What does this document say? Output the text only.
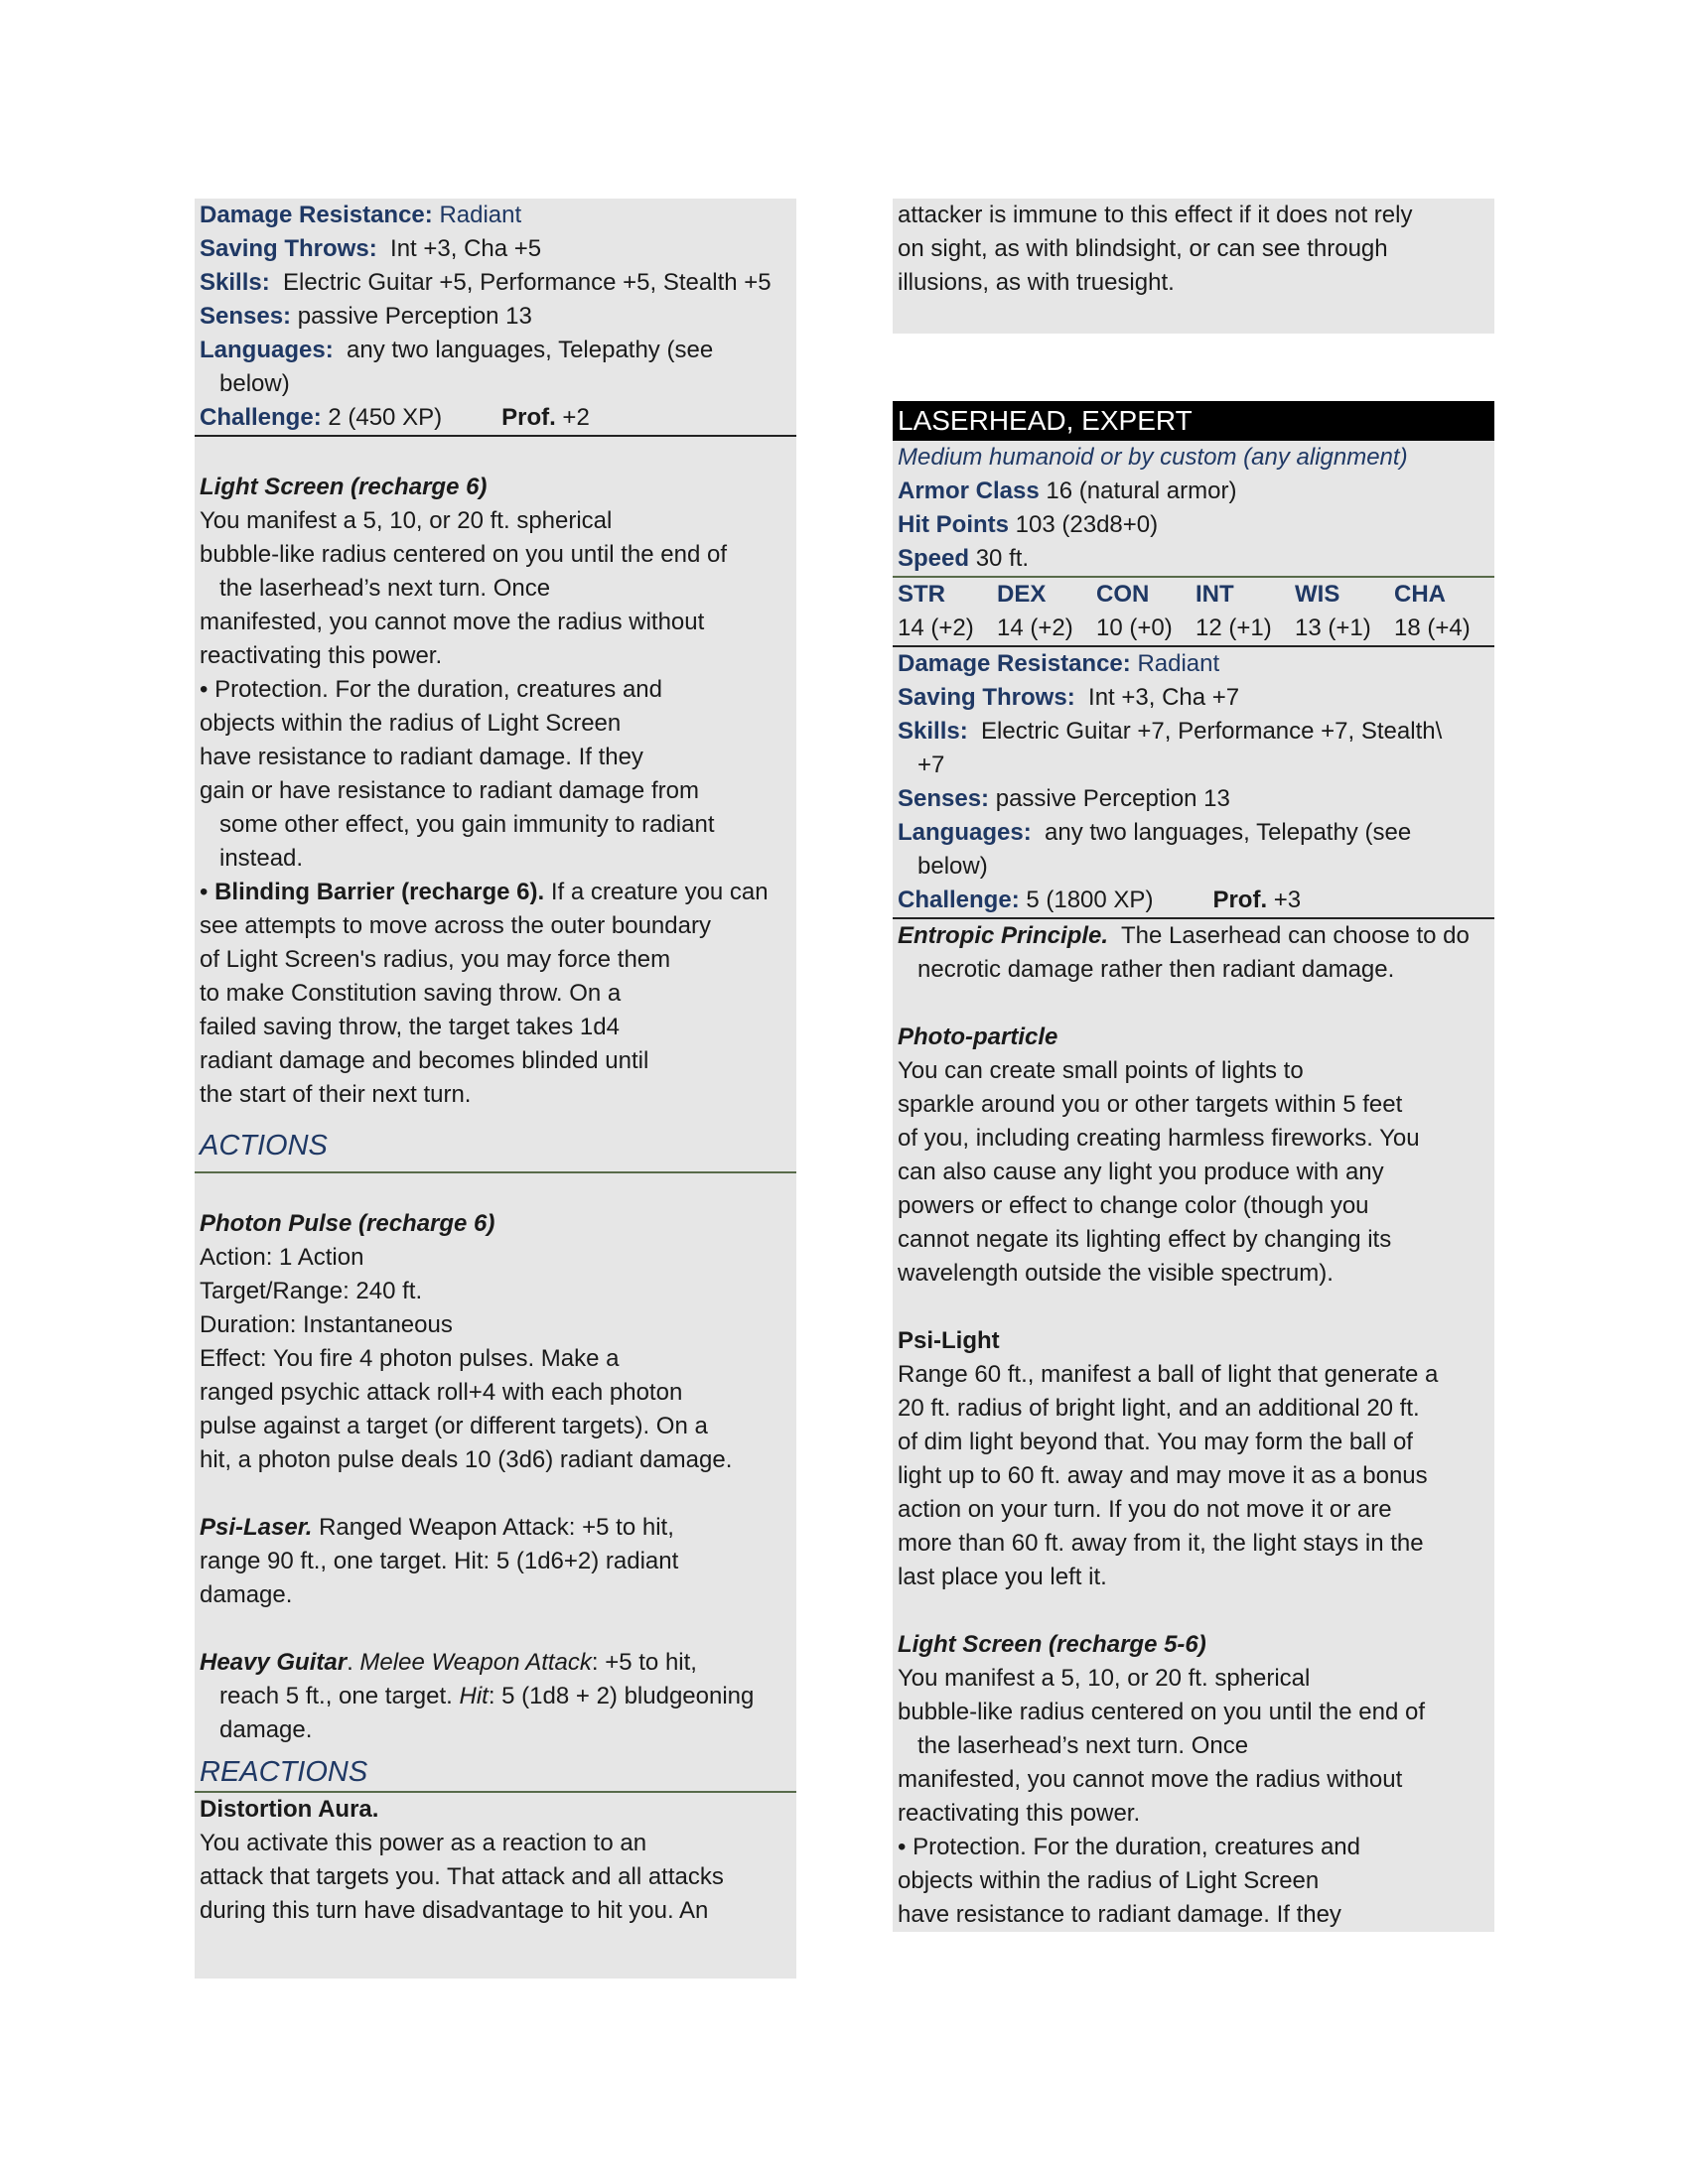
Damage Resistance: Radiant
Saving Throws:  Int +3, Cha +5
Skills:  Electric Guitar +5, Performance +5, Stealth +5
Senses: passive Perception 13
Languages:  any two languages, Telepathy (see
below)
Challenge: 2 (450 XP)	Prof. +2
Light Screen (recharge 6)
You manifest a 5, 10, or 20 ft. spherical
bubble-like radius centered on you until the end of
the laserhead’s next turn. Once
manifested, you cannot move the radius without
reactivating this power.
• Protection. For the duration, creatures and
objects within the radius of Light Screen
have resistance to radiant damage. If they
gain or have resistance to radiant damage from
some other effect, you gain immunity to radiant
instead.
• Blinding Barrier (recharge 6). If a creature you can
see attempts to move across the outer boundary
of Light Screen's radius, you may force them
to make Constitution saving throw. On a
failed saving throw, the target takes 1d4
radiant damage and becomes blinded until
the start of their next turn.
ACTIONS
Photon Pulse (recharge 6)
Action: 1 Action
Target/Range: 240 ft.
Duration: Instantaneous
Effect: You fire 4 photon pulses. Make a
ranged psychic attack roll+4 with each photon
pulse against a target (or different targets). On a
hit, a photon pulse deals 10 (3d6) radiant damage.
Psi-Laser. Ranged Weapon Attack: +5 to hit,
range 90 ft., one target. Hit: 5 (1d6+2) radiant
damage.
Heavy Guitar. Melee Weapon Attack: +5 to hit,
reach 5 ft., one target. Hit: 5 (1d8 + 2) bludgeoning
damage.
REACTIONS
Distortion Aura.
You activate this power as a reaction to an
attack that targets you. That attack and all attacks
during this turn have disadvantage to hit you. An
attacker is immune to this effect if it does not rely
on sight, as with blindsight, or can see through
illusions, as with truesight.
LASERHEAD, EXPERT
Medium humanoid or by custom (any alignment)
Armor Class 16 (natural armor)
Hit Points 103 (23d8+0)
Speed 30 ft.
STR
14 (+2)
DEX
14 (+2)
CON
10 (+0)
INT
12 (+1)
WIS
13 (+1)
CHA
18 (+4)
Damage Resistance: Radiant
Saving Throws:  Int +3, Cha +7
Skills:  Electric Guitar +7, Performance +7, Stealth\
+7
Senses: passive Perception 13
Languages:  any two languages, Telepathy (see
below)
Challenge: 5 (1800 XP)	Prof. +3
Entropic Principle.  The Laserhead can choose to do
necrotic damage rather then radiant damage.
Photo-particle
You can create small points of lights to
sparkle around you or other targets within 5 feet
of you, including creating harmless fireworks. You
can also cause any light you produce with any
powers or effect to change color (though you
cannot negate its lighting effect by changing its
wavelength outside the visible spectrum).
Psi-Light
Range 60 ft., manifest a ball of light that generate a
20 ft. radius of bright light, and an additional 20 ft.
of dim light beyond that. You may form the ball of
light up to 60 ft. away and may move it as a bonus
action on your turn. If you do not move it or are
more than 60 ft. away from it, the light stays in the
last place you left it.
Light Screen (recharge 5-6)
You manifest a 5, 10, or 20 ft. spherical
bubble-like radius centered on you until the end of
the laserhead’s next turn. Once
manifested, you cannot move the radius without
reactivating this power.
• Protection. For the duration, creatures and
objects within the radius of Light Screen
have resistance to radiant damage. If they
